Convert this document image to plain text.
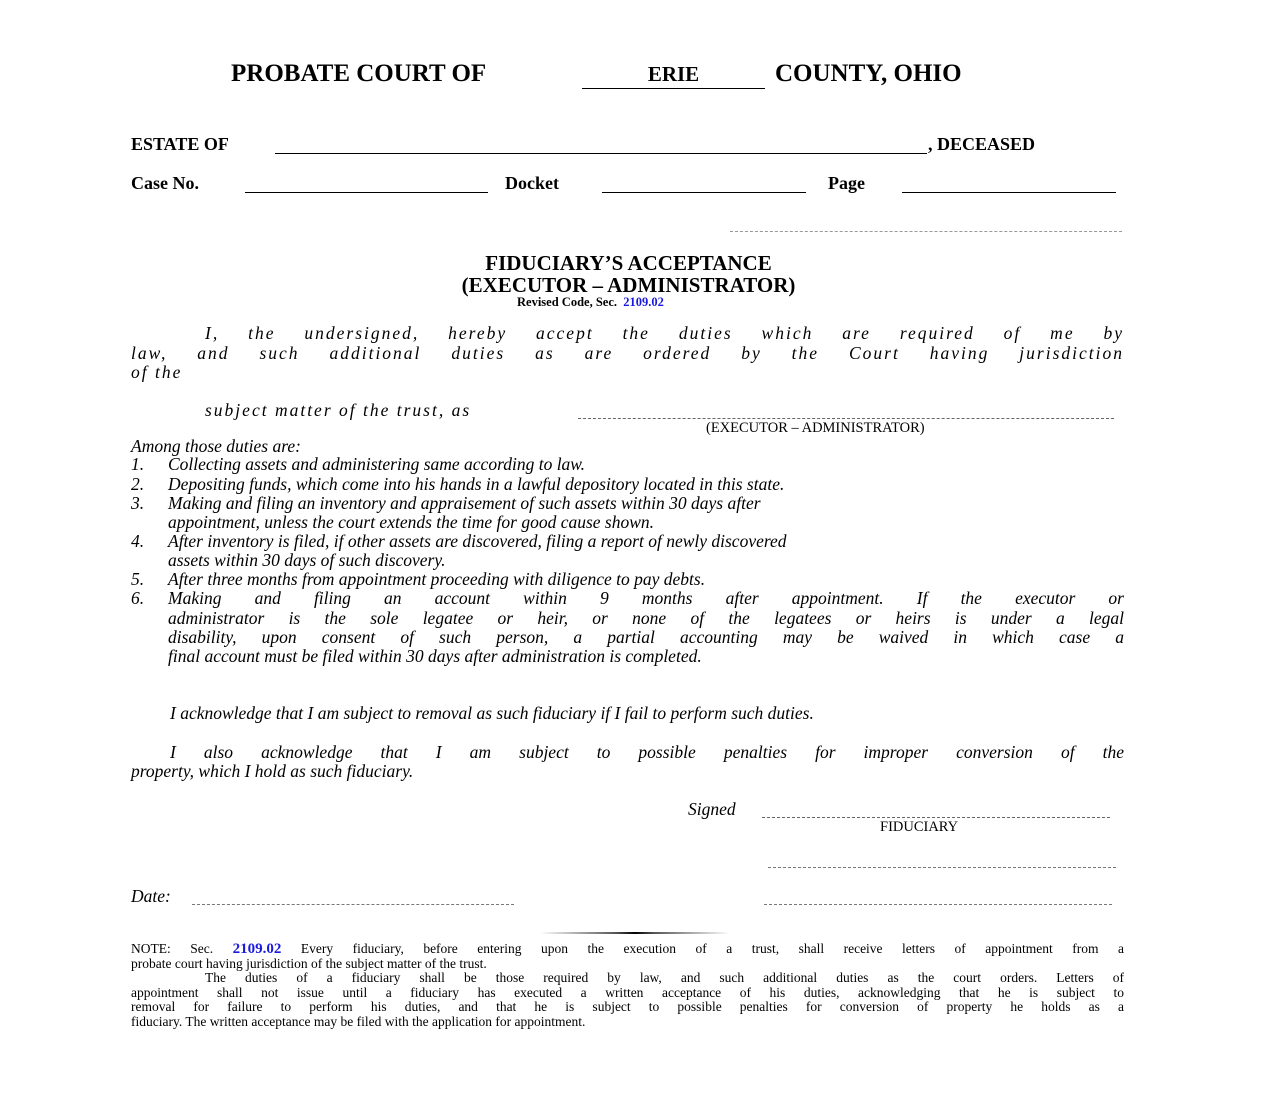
PROBATE COURT OF	ERIE	COUNTY, OHIO
ESTATE OF	, DECEASED
Case No.	Docket	Page
FIDUCIARY’S ACCEPTANCE
(EXECUTOR – ADMINISTRATOR)
Revised Code, Sec. 2109.02
I, the undersigned, hereby accept the duties which are required of me by
law, and such additional duties as are ordered by the Court having jurisdiction
of the
subject matter of the trust, as
(EXECUTOR – ADMINISTRATOR)
Among those duties are:
1. Collecting assets and administering same according to law.
2. Depositing funds, which come into his hands in a lawful depository located in this state.
3. Making and filing an inventory and appraisement of such assets within 30 days after
appointment, unless the court extends the time for good cause shown.
4. After inventory is filed, if other assets are discovered, filing a report of newly discovered
assets within 30 days of such discovery.
5. After three months from appointment proceeding with diligence to pay debts.
6. Making and filing an account within 9 months after appointment. If the executor or
administrator is the sole legatee or heir, or none of the legatees or heirs is under a legal
disability, upon consent of such person, a partial accounting may be waived in which case a
final account must be filed within 30 days after administration is completed.
I acknowledge that I am subject to removal as such fiduciary if I fail to perform such duties.
I also acknowledge that I am subject to possible penalties for improper conversion of the
property, which I hold as such fiduciary.
Signed
FIDUCIARY
Date:
NOTE: Sec. 2109.02 Every fiduciary, before entering upon the execution of a trust, shall receive letters of appointment from a
probate court having jurisdiction of the subject matter of the trust.
The duties of a fiduciary shall be those required by law, and such additional duties as the court orders. Letters of
appointment shall not issue until a fiduciary has executed a written acceptance of his duties, acknowledging that he is subject to
removal for failure to perform his duties, and that he is subject to possible penalties for conversion of property he holds as a
fiduciary. The written acceptance may be filed with the application for appointment.
